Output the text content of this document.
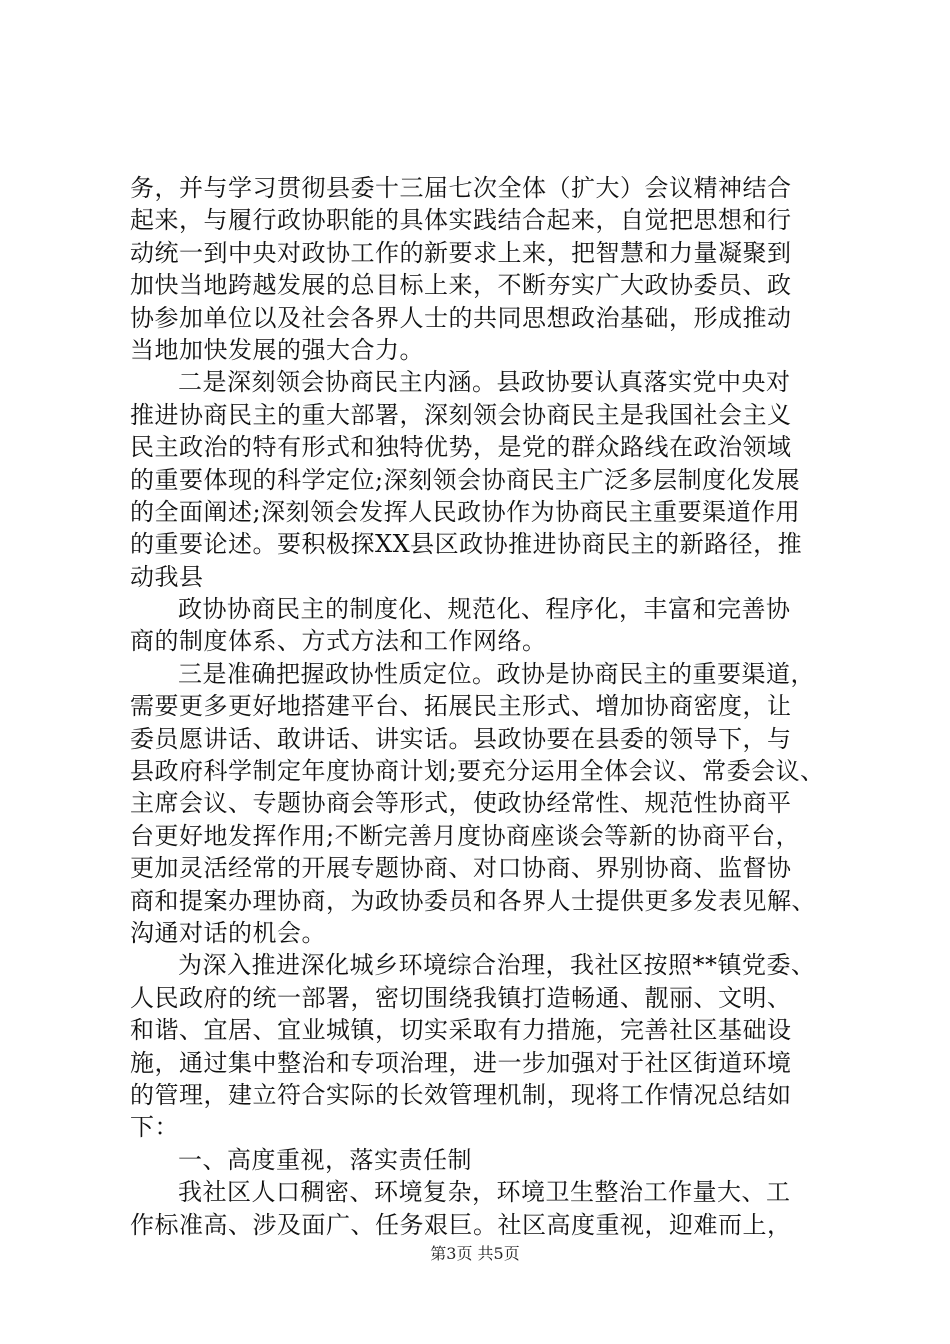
务，并与学习贯彻县委十三届七次全体（扩大）会议精神结合
起来，与履行政协职能的具体实践结合起来，自觉把思想和行
动统一到中央对政协工作的新要求上来，把智慧和力量凝聚到
加快当地跨越发展的总目标上来，不断夯实广大政协委员、政
协参加单位以及社会各界人士的共同思想政治基础，形成推动
当地加快发展的强大合力。
二是深刻领会协商民主内涵。县政协要认真落实党中央对
推进协商民主的重大部署，深刻领会协商民主是我国社会主义
民主政治的特有形式和独特优势，是党的群众路线在政治领域
的重要体现的科学定位;深刻领会协商民主广泛多层制度化发展
的全面阐述;深刻领会发挥人民政协作为协商民主重要渠道作用
的重要论述。要积极探XX县区政协推进协商民主的新路径，推
动我县
政协协商民主的制度化、规范化、程序化，丰富和完善协
商的制度体系、方式方法和工作网络。
三是准确把握政协性质定位。政协是协商民主的重要渠道，
需要更多更好地搭建平台、拓展民主形式、增加协商密度，让
委员愿讲话、敢讲话、讲实话。县政协要在县委的领导下，与
县政府科学制定年度协商计划;要充分运用全体会议、常委会议、
主席会议、专题协商会等形式，使政协经常性、规范性协商平
台更好地发挥作用;不断完善月度协商座谈会等新的协商平台，
更加灵活经常的开展专题协商、对口协商、界别协商、监督协
商和提案办理协商，为政协委员和各界人士提供更多发表见解、
沟通对话的机会。
为深入推进深化城乡环境综合治理，我社区按照**镇党委、
人民政府的统一部署，密切围绕我镇打造畅通、靓丽、文明、
和谐、宜居、宜业城镇，切实采取有力措施，完善社区基础设
施，通过集中整治和专项治理，进一步加强对于社区街道环境
的管理，建立符合实际的长效管理机制，现将工作情况总结如
下：
一、高度重视，落实责任制
我社区人口稠密、环境复杂，环境卫生整治工作量大、工
作标准高、涉及面广、任务艰巨。社区高度重视，迎难而上，
第3页 共5页
